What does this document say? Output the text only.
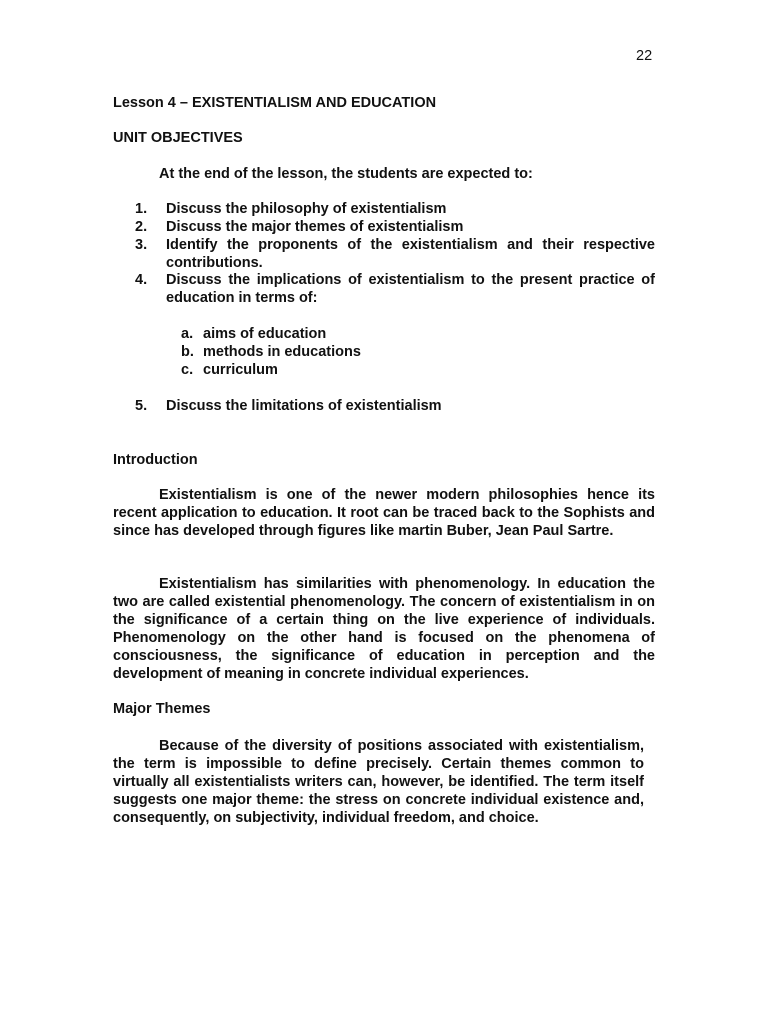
22
Lesson 4 – EXISTENTIALISM AND EDUCATION
UNIT OBJECTIVES
At the end of the lesson, the students are expected to:
1. Discuss the philosophy of existentialism
2. Discuss the major themes of existentialism
3. Identify the proponents of the existentialism and their respective contributions.
4. Discuss the implications of existentialism to the present practice of education in terms of:
a. aims of education
b. methods in educations
c. curriculum
5. Discuss the limitations of existentialism
Introduction

Existentialism is one of the newer modern philosophies hence its recent application to education. It root can be traced back to the Sophists and since has developed through figures like martin Buber, Jean Paul Sartre.

Existentialism has similarities with phenomenology. In education the two are called existential phenomenology. The concern of existentialism in on the significance of a certain thing on the live experience of individuals. Phenomenology on the other hand is focused on the phenomena of consciousness, the significance of education in perception and the development of meaning in concrete individual experiences.

Major Themes

Because of the diversity of positions associated with existentialism, the term is impossible to define precisely. Certain themes common to virtually all existentialists writers can, however, be identified. The term itself suggests one major theme: the stress on concrete individual existence and, consequently, on subjectivity, individual freedom, and choice.
